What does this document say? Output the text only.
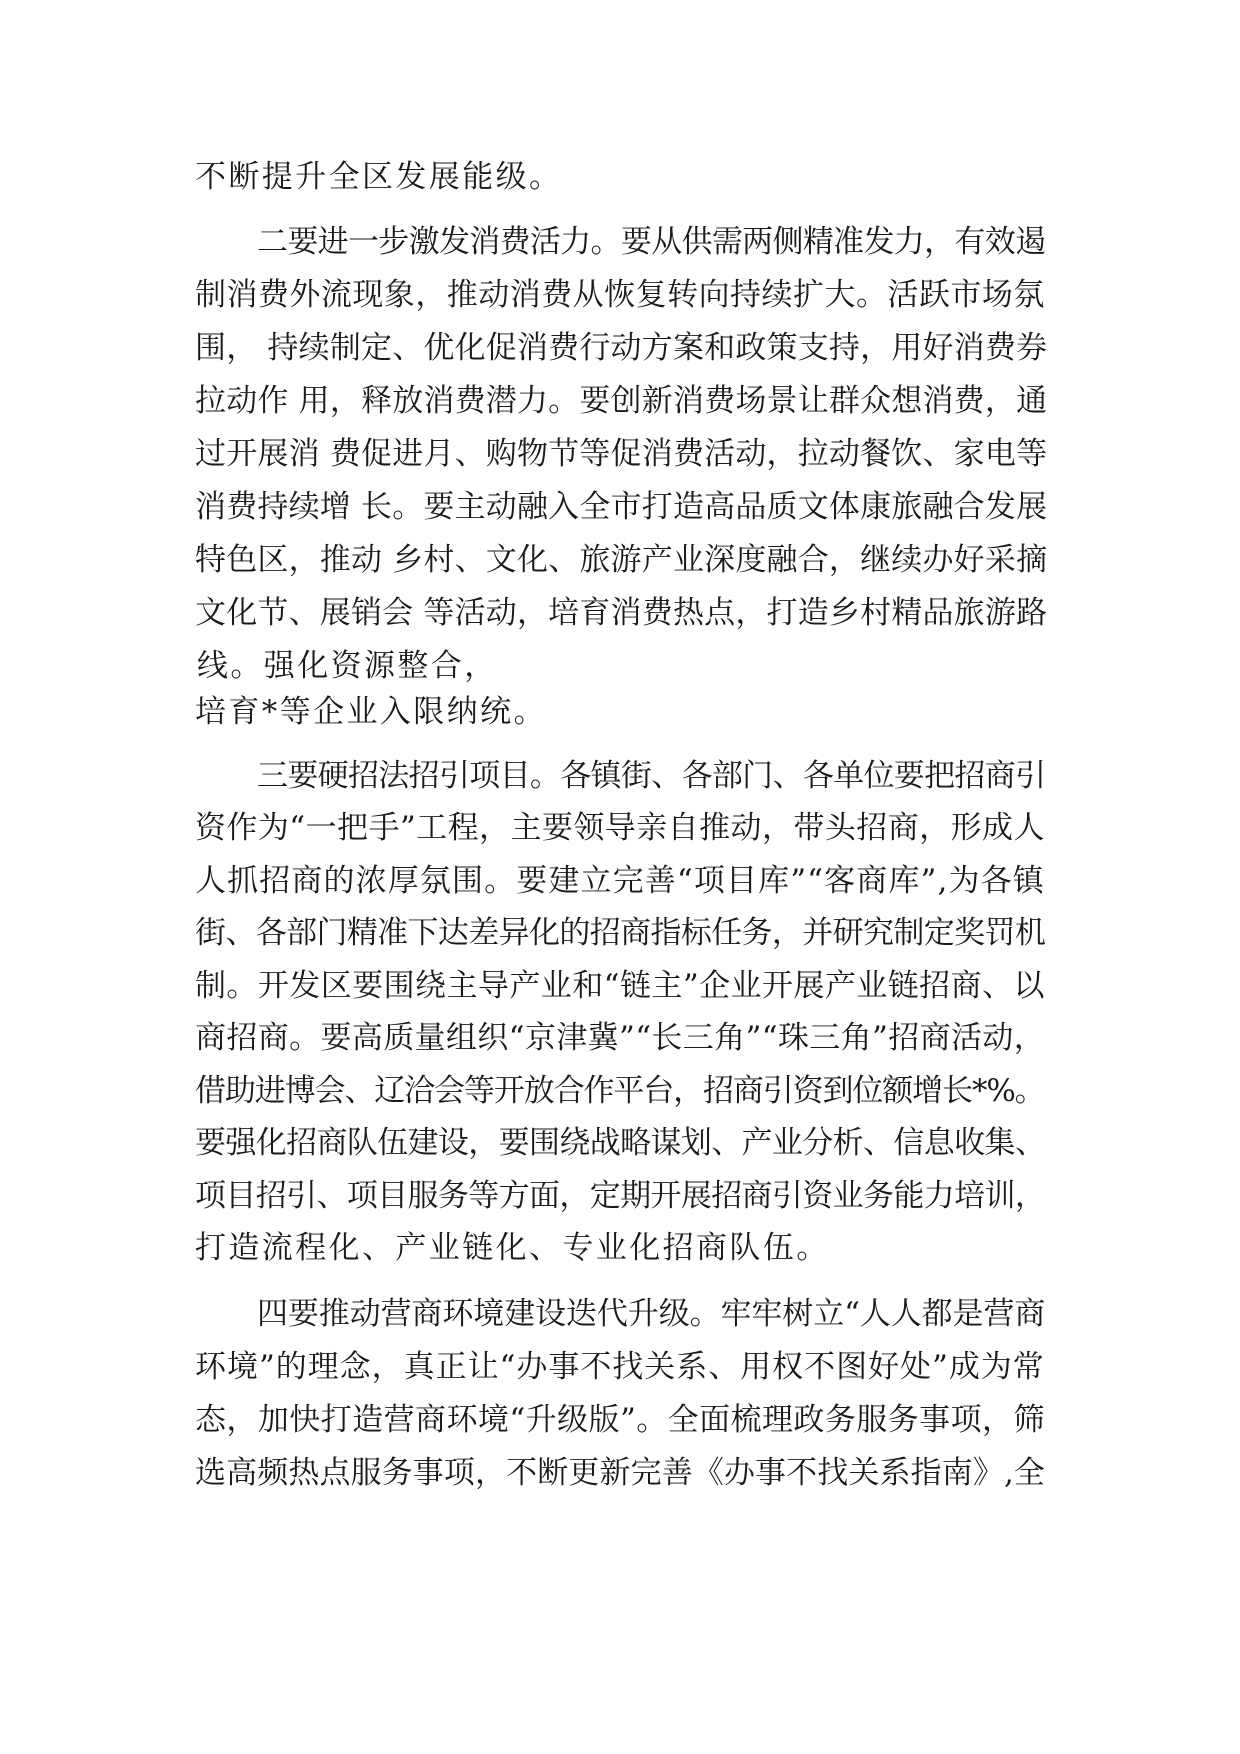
不断提升全区发展能级。
二要进一步激发消费活力。要从供需两侧精准发力，有效遏
制消费外流现象，推动消费从恢复转向持续扩大。活跃市场氛
围， 持续制定、优化促消费行动方案和政策支持，用好消费券
拉动作 用，释放消费潜力。要创新消费场景让群众想消费，通
过开展消 费促进月、购物节等促消费活动，拉动餐饮、家电等
消费持续增 长。要主动融入全市打造高品质文体康旅融合发展
特色区，推动 乡村、文化、旅游产业深度融合，继续办好采摘
文化节、展销会 等活动，培育消费热点，打造乡村精品旅游路
线。强化资源整合，
培育*等企业入限纳统。
三要硬招法招引项目。各镇街、各部门、各单位要把招商引
资作为“一把手”工程，主要领导亲自推动，带头招商，形成人
人抓招商的浓厚氛围。要建立完善“项目库”“客商库”,为各镇
街、各部门精准下达差异化的招商指标任务，并研究制定奖罚机
制。开发区要围绕主导产业和“链主”企业开展产业链招商、以
商招商。要高质量组织“京津冀”“长三角”“珠三角”招商活动，
借助进博会、辽洽会等开放合作平台，招商引资到位额增长*%。
要强化招商队伍建设，要围绕战略谋划、产业分析、信息收集、
项目招引、项目服务等方面，定期开展招商引资业务能力培训，
打造流程化、产业链化、专业化招商队伍。
四要推动营商环境建设迭代升级。牢牢树立“人人都是营商
环境”的理念，真正让“办事不找关系、用权不图好处”成为常
态，加快打造营商环境“升级版”。全面梳理政务服务事项，筛
选高频热点服务事项，不断更新完善《办事不找关系指南》,全
